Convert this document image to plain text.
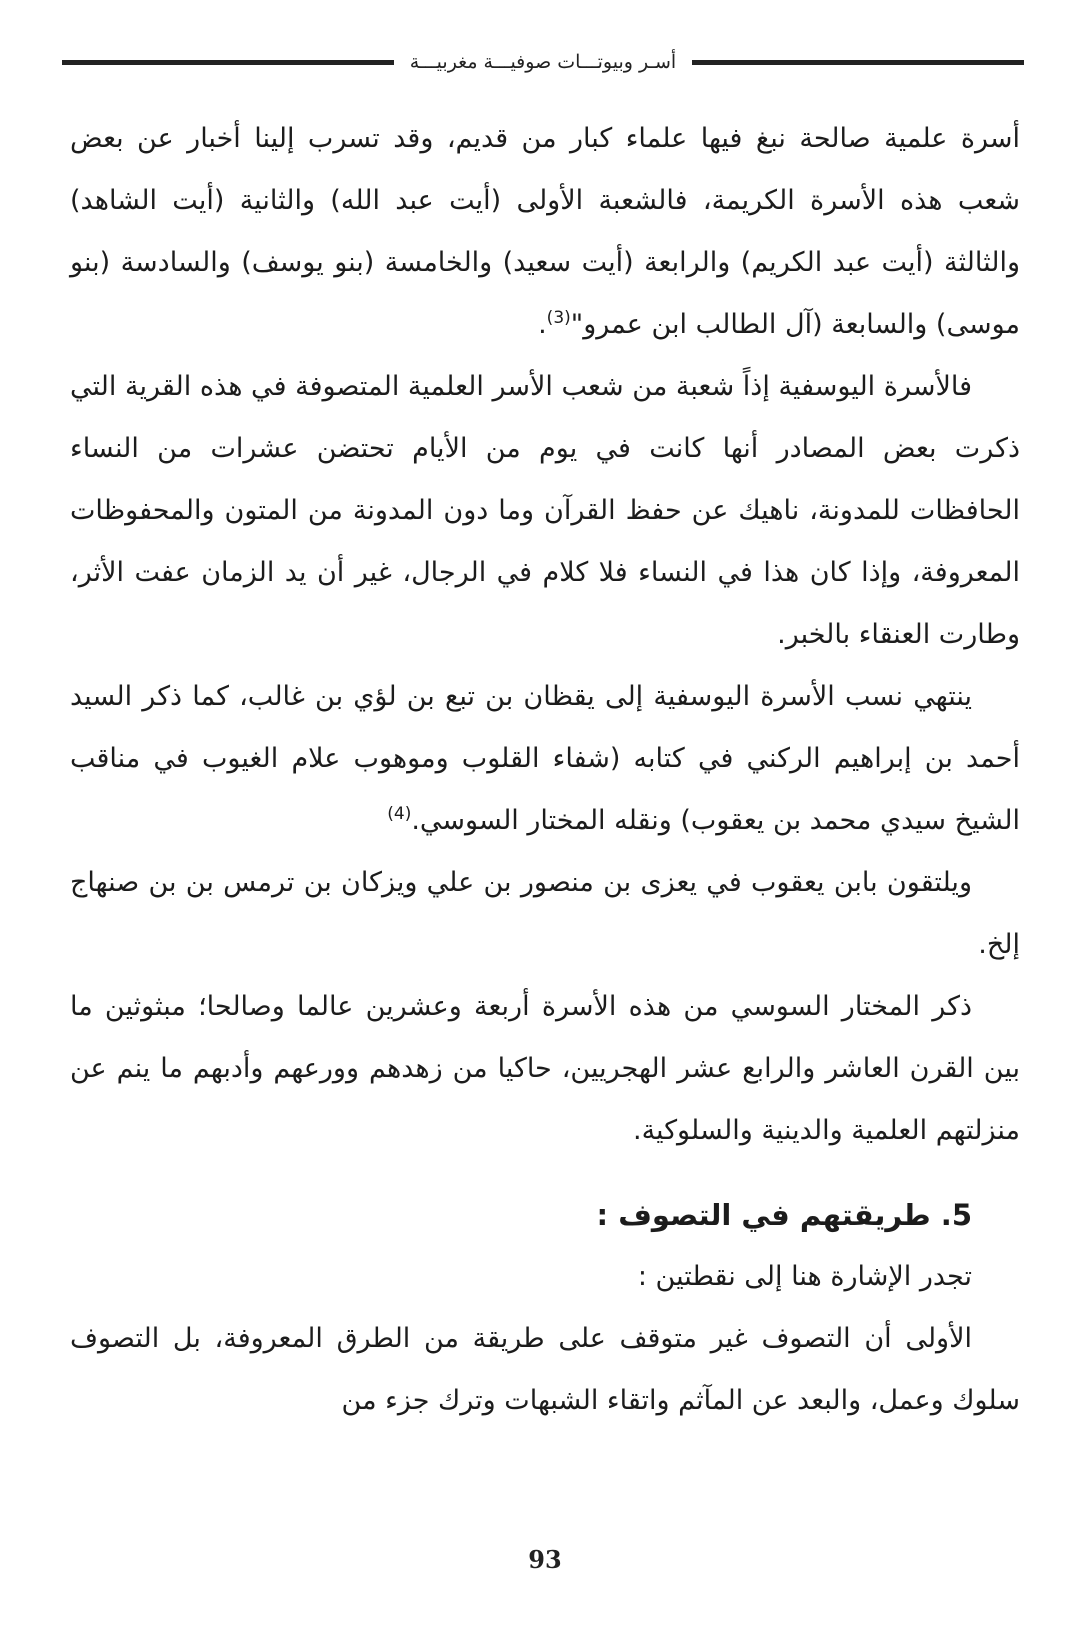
أسـر وبيوتـــات صوفيـــة مغربيـــة

أسرة علمية صالحة نبغ فيها علماء كبار من قديم، وقد تسرب إلينا أخبار عن بعض شعب هذه الأسرة الكريمة، فالشعبة الأولى (أيت عبد الله) والثانية (أيت الشاهد) والثالثة (أيت عبد الكريم) والرابعة (أيت سعيد) والخامسة (بنو يوسف) والسادسة (بنو موسى) والسابعة (آل الطالب ابن عمرو"$^{(3)}$.

فالأسرة اليوسفية إذاً شعبة من شعب الأسر العلمية المتصوفة في هذه القرية التي ذكرت بعض المصادر أنها كانت في يوم من الأيام تحتضن عشرات من النساء الحافظات للمدونة، ناهيك عن حفظ القرآن وما دون المدونة من المتون والمحفوظات المعروفة، وإذا كان هذا في النساء فلا كلام في الرجال، غير أن يد الزمان عفت الأثر، وطارت العنقاء بالخبر.

ينتهي نسب الأسرة اليوسفية إلى يقظان بن تبع بن لؤي بن غالب، كما ذكر السيد أحمد بن إبراهيم الركني في كتابه (شفاء القلوب وموهوب علام الغيوب في مناقب الشيخ سيدي محمد بن يعقوب) ونقله المختار السوسي.$^{(4)}$

ويلتقون بابن يعقوب في يعزى بن منصور بن علي ويزكان بن ترمس بن بن صنهاج إلخ.

ذكر المختار السوسي من هذه الأسرة أربعة وعشرين عالما وصالحا؛ مبثوثين ما بين القرن العاشر والرابع عشر الهجريين، حاكيا من زهدهم وورعهم وأدبهم ما ينم عن منزلتهم العلمية والدينية والسلوكية.

5. طريقتهم في التصوف :

تجدر الإشارة هنا إلى نقطتين :

الأولى أن التصوف غير متوقف على طريقة من الطرق المعروفة، بل التصوف سلوك وعمل، والبعد عن المآثم واتقاء الشبهات وترك جزء من

93
